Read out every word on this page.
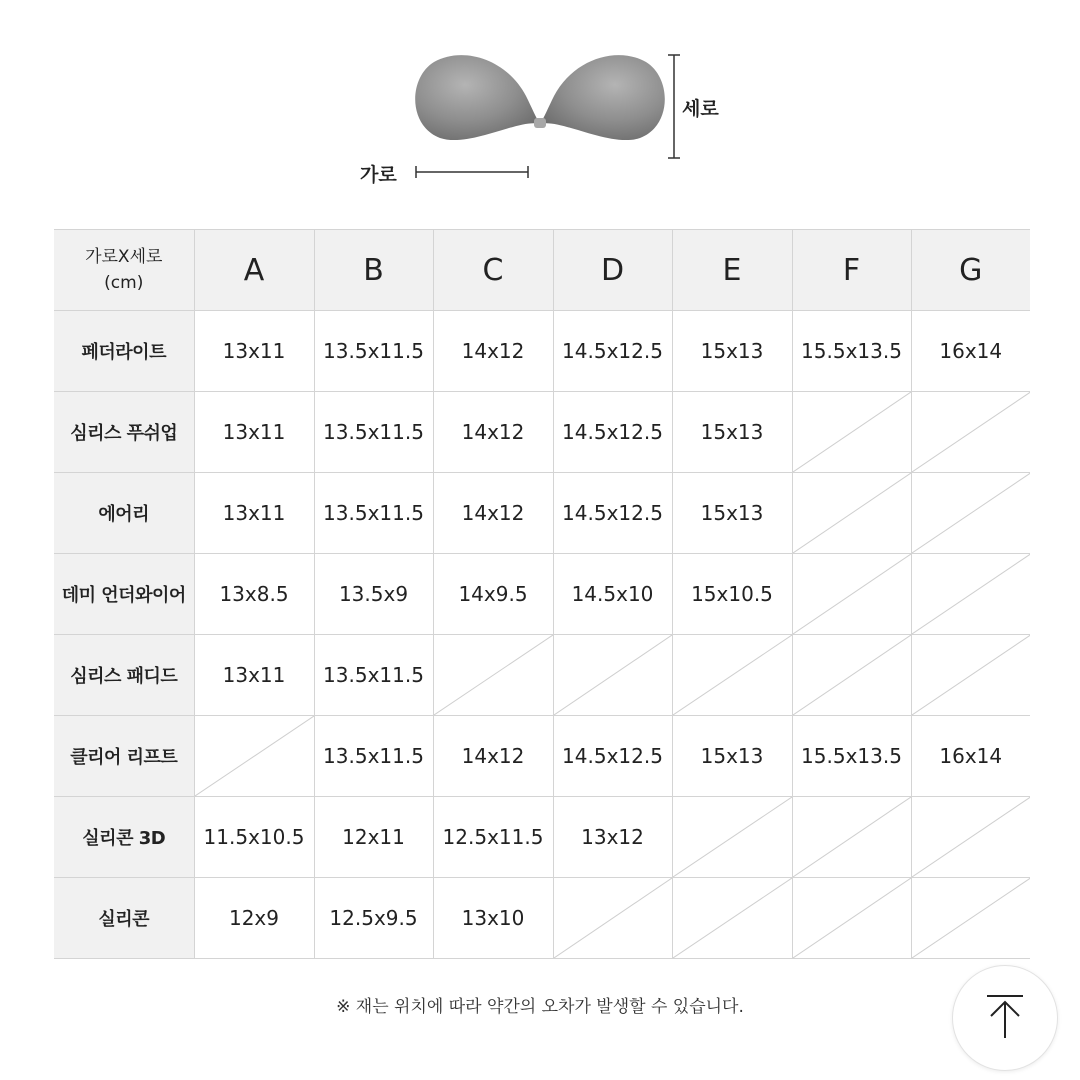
가로
세로
가로X세로
(cm)	A	B	C	D	E	F	G
페더라이트	13x11	13.5x11.5	14x12	14.5x12.5	15x13	15.5x13.5	16x14
심리스 푸쉬업	13x11	13.5x11.5	14x12	14.5x12.5	15x13	

에어리	13x11	13.5x11.5	14x12	14.5x12.5	15x13	

데미 언더와이어	13x8.5	13.5x9	14x9.5	14.5x10	15x10.5	

심리스 패디드	13x11	13.5x11.5	

클리어 리프트		13.5x11.5	14x12	14.5x12.5	15x13	15.5x13.5	16x14
실리콘 3D	11.5x10.5	12x11	12.5x11.5	13x12	

실리콘	12x9	12.5x9.5	13x10	

※ 재는 위치에 따라 약간의 오차가 발생할 수 있습니다.
